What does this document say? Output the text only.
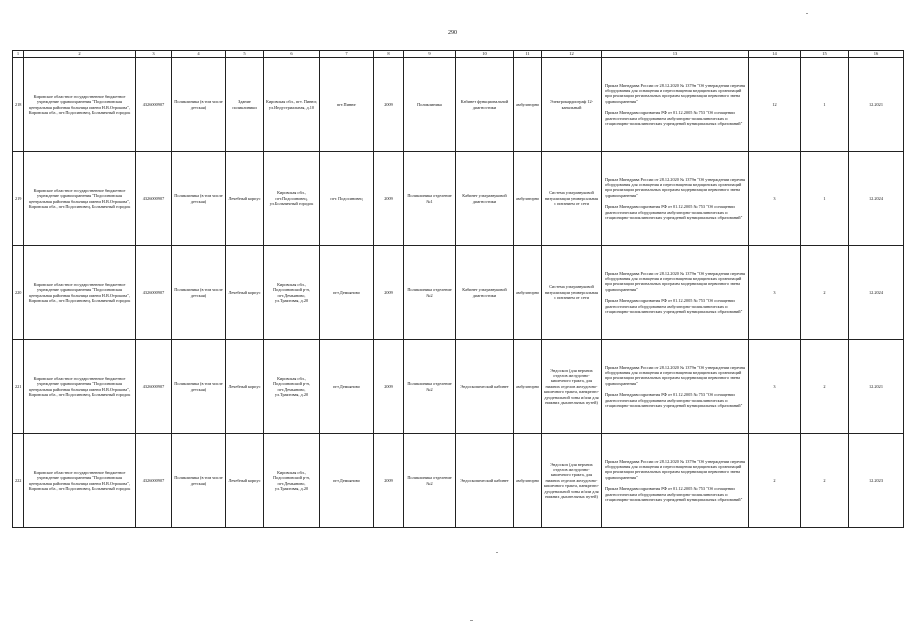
290
1	2	3	4	5	6	7	8	9	10	11	12	13	14	15	16
218	Кировское областное государственное бюджетное учреждение здравоохранения "Подосиновская центральная районная больница имени Н.В.Отрокова", Кировская обл., пгт.Подосиновец, Больничный городок	4326000907	Поликлиника (в том числе детская)	Здание поликлиники	Кировская обл., пгт. Пинюг, ул.Индустриальная, д.10	пгт.Пинюг	2009	Поликлиника	Кабинет функциональной диагностики	амбулаторно	Электрокардиограф 12-канальный	Приказ Минздрава России от 28.12.2020 № 1379н "Об утверждении перечня оборудования для оснащения и переоснащения медицинских организаций при реализации региональных программ модернизации первичного звена здравоохранения"
Приказ Минздравсоцразвития РФ от 01.12.2005 № 753 "Об оснащении диагностическим оборудованием амбулаторно-поликлинических и стационарно-поликлинических учреждений муниципальных образований"	12	1	12.2021
219	Кировское областное государственное бюджетное учреждение здравоохранения "Подосиновская центральная районная больница имени Н.В.Отрокова", Кировская обл., пгт.Подосиновец, Больничный городок	4326000907	Поликлиника (в том числе детская)	Лечебный корпус	Кировская обл., пгт.Подосиновец, ул.Больничный городок	пгт. Подосиновец	2009	Поликлиника отделение №1	Кабинет ультразвуковой диагностики	амбулаторно	Система ультразвуковой визуализации универсальная с питанием от сети	Приказ Минздрава России от 28.12.2020 № 1379н "Об утверждении перечня оборудования для оснащения и переоснащения медицинских организаций при реализации региональных программ модернизации первичного звена здравоохранения"
Приказ Минздравсоцразвития РФ от 01.12.2005 № 753 "Об оснащении диагностическим оборудованием амбулаторно-поликлинических и стационарно-поликлинических учреждений муниципальных образований"	3	1	12.2024
220	Кировское областное государственное бюджетное учреждение здравоохранения "Подосиновская центральная районная больница имени Н.В.Отрокова", Кировская обл., пгт.Подосиновец, Больничный городок	4326000907	Поликлиника (в том числе детская)	Лечебный корпус	Кировская обл., Подосиновский р-н, пгт.Демьяново, ул.Трактовая, д.20	пгт.Демьяново	2009	Поликлиника отделение №2	Кабинет ультразвуковой диагностики	амбулаторно	Система ультразвуковой визуализации универсальная с питанием от сети	Приказ Минздрава России от 28.12.2020 № 1379н "Об утверждении перечня оборудования для оснащения и переоснащения медицинских организаций при реализации региональных программ модернизации первичного звена здравоохранения"
Приказ Минздравсоцразвития РФ от 01.12.2005 № 753 "Об оснащении диагностическим оборудованием амбулаторно-поликлинических и стационарно-поликлинических учреждений муниципальных образований"	3	2	12.2024
221	Кировское областное государственное бюджетное учреждение здравоохранения "Подосиновская центральная районная больница имени Н.В.Отрокова", Кировская обл., пгт.Подосиновец, Больничный городок	4326000907	Поликлиника (в том числе детская)	Лечебный корпус	Кировская обл., Подосиновский р-н, пгт.Демьяново, ул.Трактовая, д.20	пгт.Демьяново	2009	Поликлиника отделение №2	Эндоскопический кабинет	амбулаторно	Эндоскоп (для верхних отделов желудочно-кишечного тракта, для нижних отделов желудочно-кишечного тракта, панкреато-дуоденальной зоны и/или для нижних дыхательных путей)	Приказ Минздрава России от 28.12.2020 № 1379н "Об утверждении перечня оборудования для оснащения и переоснащения медицинских организаций при реализации региональных программ модернизации первичного звена здравоохранения"
Приказ Минздравсоцразвития РФ от 01.12.2005 № 753 "Об оснащении диагностическим оборудованием амбулаторно-поликлинических и стационарно-поликлинических учреждений муниципальных образований"	3	2	12.2021
222	Кировское областное государственное бюджетное учреждение здравоохранения "Подосиновская центральная районная больница имени Н.В.Отрокова", Кировская обл., пгт.Подосиновец, Больничный городок	4326000907	Поликлиника (в том числе детская)	Лечебный корпус	Кировская обл., Подосиновский р-н, пгт.Демьяново, ул.Трактовая, д.20	пгт.Демьяново	2009	Поликлиника отделение №2	Эндоскопический кабинет	амбулаторно	Эндоскоп (для верхних отделов желудочно-кишечного тракта, для нижних отделов желудочно-кишечного тракта, панкреато-дуоденальной зоны и/или для нижних дыхательных путей)	Приказ Минздрава России от 28.12.2020 № 1379н "Об утверждении перечня оборудования для оснащения и переоснащения медицинских организаций при реализации региональных программ модернизации первичного звена здравоохранения"
Приказ Минздравсоцразвития РФ от 01.12.2005 № 753 "Об оснащении диагностическим оборудованием амбулаторно-поликлинических и стационарно-поликлинических учреждений муниципальных образований"	2	2	12.2023
